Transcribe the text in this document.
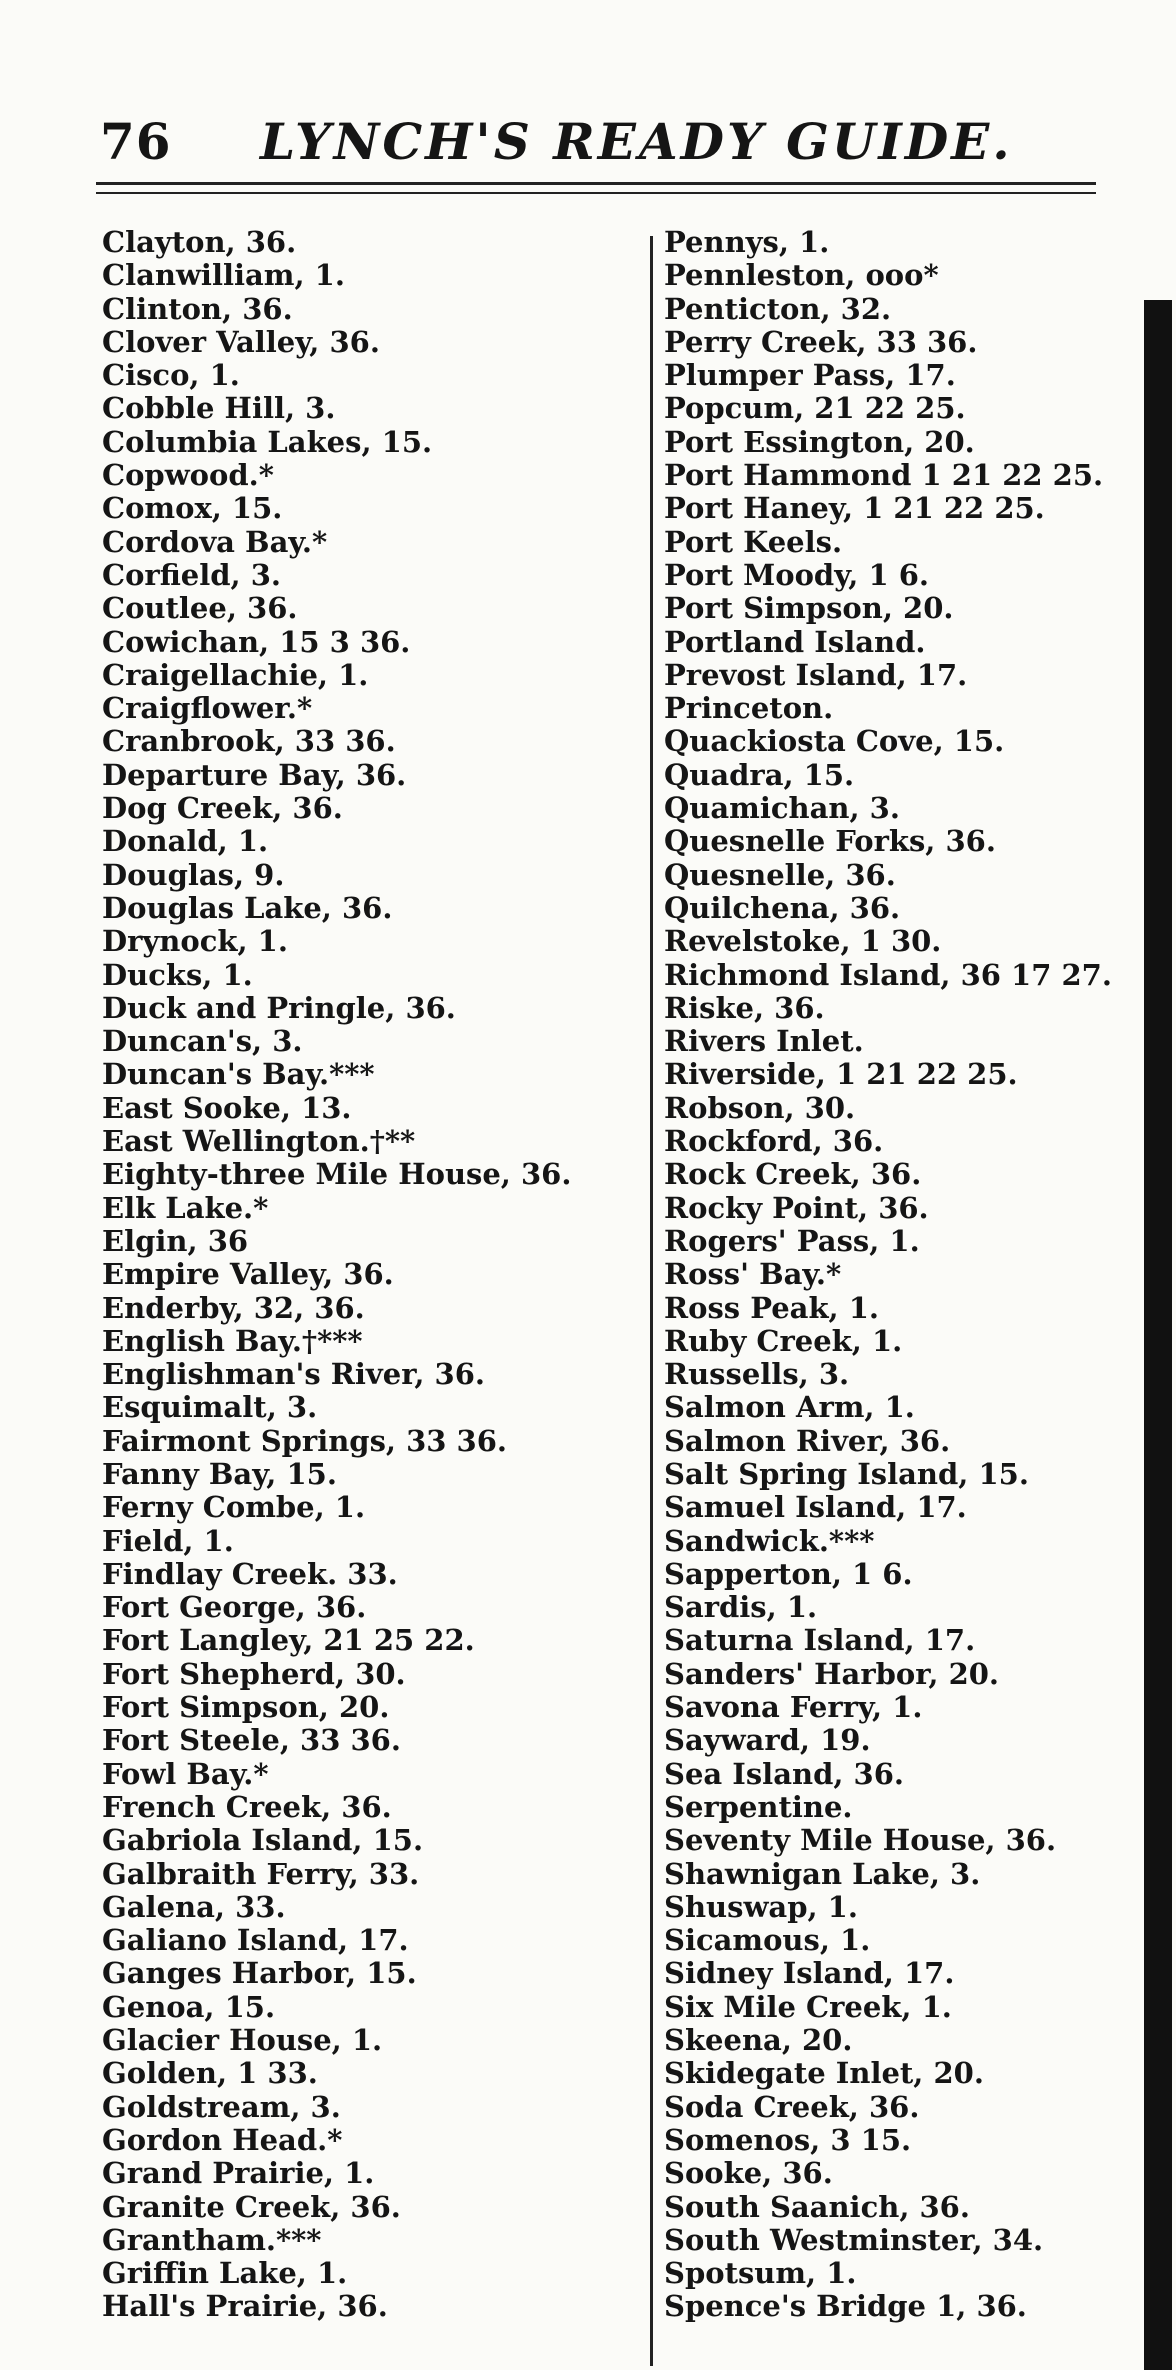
76 LYNCH'S READY GUIDE.
Clayton, 36.
Clanwilliam, 1.
Clinton, 36.
Clover Valley, 36.
Cisco, 1.
Cobble Hill, 3.
Columbia Lakes, 15.
Copwood.*
Comox, 15.
Cordova Bay.*
Corfield, 3.
Coutlee, 36.
Cowichan, 15 3 36.
Craigellachie, 1.
Craigflower.*
Cranbrook, 33 36.
Departure Bay, 36.
Dog Creek, 36.
Donald, 1.
Douglas, 9.
Douglas Lake, 36.
Drynock, 1.
Ducks, 1.
Duck and Pringle, 36.
Duncan's, 3.
Duncan's Bay.***
East Sooke, 13.
East Wellington.†**
Eighty-three Mile House, 36.
Elk Lake.*
Elgin, 36
Empire Valley, 36.
Enderby, 32, 36.
English Bay.†***
Englishman's River, 36.
Esquimalt, 3.
Fairmont Springs, 33 36.
Fanny Bay, 15.
Ferny Combe, 1.
Field, 1.
Findlay Creek. 33.
Fort George, 36.
Fort Langley, 21 25 22.
Fort Shepherd, 30.
Fort Simpson, 20.
Fort Steele, 33 36.
Fowl Bay.*
French Creek, 36.
Gabriola Island, 15.
Galbraith Ferry, 33.
Galena, 33.
Galiano Island, 17.
Ganges Harbor, 15.
Genoa, 15.
Glacier House, 1.
Golden, 1 33.
Goldstream, 3.
Gordon Head.*
Grand Prairie, 1.
Granite Creek, 36.
Grantham.***
Griffin Lake, 1.
Hall's Prairie, 36.
Pennys, 1.
Pennleston, ooo*
Penticton, 32.
Perry Creek, 33 36.
Plumper Pass, 17.
Popcum, 21 22 25.
Port Essington, 20.
Port Hammond 1 21 22 25.
Port Haney, 1 21 22 25.
Port Keels.
Port Moody, 1 6.
Port Simpson, 20.
Portland Island.
Prevost Island, 17.
Princeton.
Quackiosta Cove, 15.
Quadra, 15.
Quamichan, 3.
Quesnelle Forks, 36.
Quesnelle, 36.
Quilchena, 36.
Revelstoke, 1 30.
Richmond Island, 36 17 27.
Riske, 36.
Rivers Inlet.
Riverside, 1 21 22 25.
Robson, 30.
Rockford, 36.
Rock Creek, 36.
Rocky Point, 36.
Rogers' Pass, 1.
Ross' Bay.*
Ross Peak, 1.
Ruby Creek, 1.
Russells, 3.
Salmon Arm, 1.
Salmon River, 36.
Salt Spring Island, 15.
Samuel Island, 17.
Sandwick.***
Sapperton, 1 6.
Sardis, 1.
Saturna Island, 17.
Sanders' Harbor, 20.
Savona Ferry, 1.
Sayward, 19.
Sea Island, 36.
Serpentine.
Seventy Mile House, 36.
Shawnigan Lake, 3.
Shuswap, 1.
Sicamous, 1.
Sidney Island, 17.
Six Mile Creek, 1.
Skeena, 20.
Skidegate Inlet, 20.
Soda Creek, 36.
Somenos, 3 15.
Sooke, 36.
South Saanich, 36.
South Westminster, 34.
Spotsum, 1.
Spence's Bridge 1, 36.
